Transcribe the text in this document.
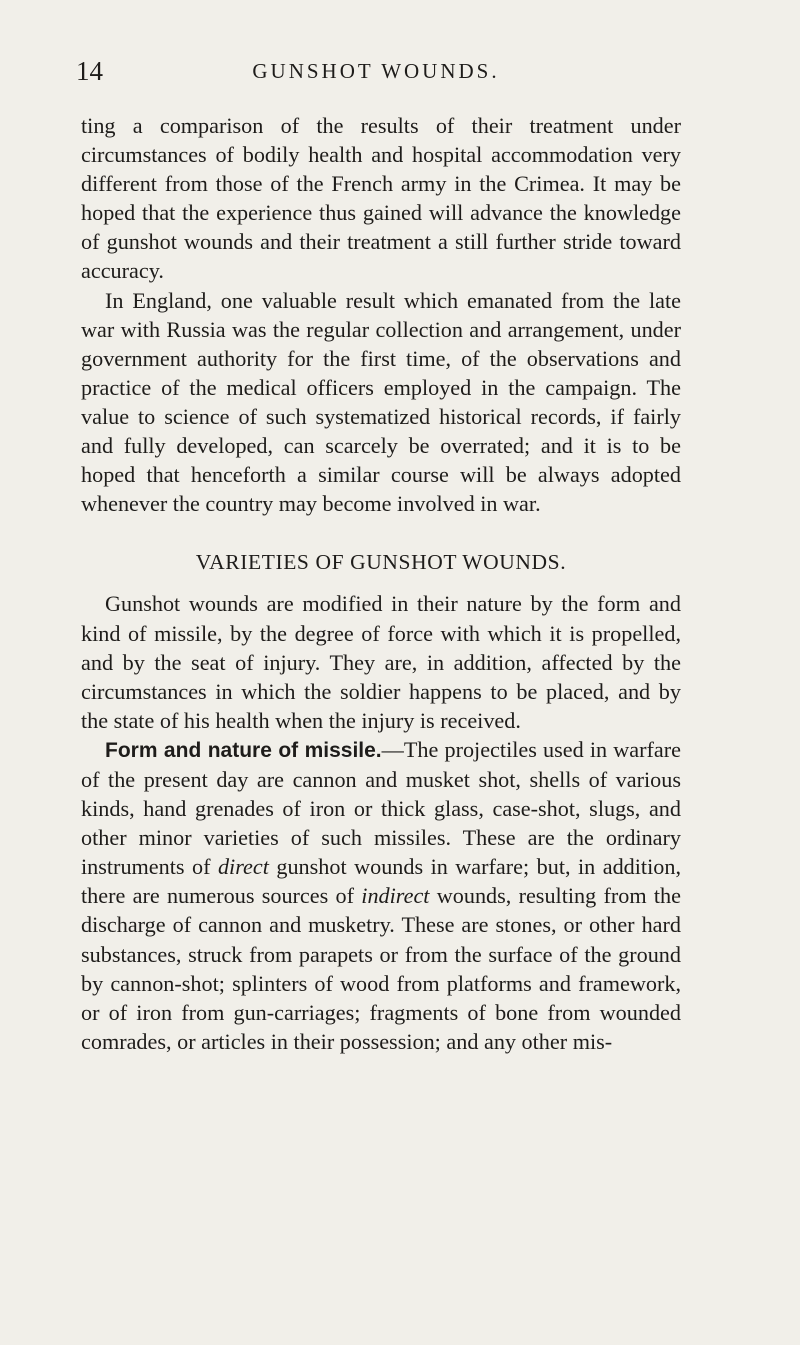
14	GUNSHOT WOUNDS.

ting a comparison of the results of their treatment under circumstances of bodily health and hospital accommodation very different from those of the French army in the Crimea. It may be hoped that the experience thus gained will advance the knowledge of gunshot wounds and their treatment a still further stride toward accuracy.

In England, one valuable result which emanated from the late war with Russia was the regular collection and arrangement, under government authority for the first time, of the observations and practice of the medical officers employed in the campaign. The value to science of such systematized historical records, if fairly and fully developed, can scarcely be overrated; and it is to be hoped that henceforth a similar course will be always adopted whenever the country may become involved in war.

VARIETIES OF GUNSHOT WOUNDS.

Gunshot wounds are modified in their nature by the form and kind of missile, by the degree of force with which it is propelled, and by the seat of injury. They are, in addition, affected by the circumstances in which the soldier happens to be placed, and by the state of his health when the injury is received.

Form and nature of missile.—The projectiles used in warfare of the present day are cannon and musket shot, shells of various kinds, hand grenades of iron or thick glass, case-shot, slugs, and other minor varieties of such missiles. These are the ordinary instruments of direct gunshot wounds in warfare; but, in addition, there are numerous sources of indirect wounds, resulting from the discharge of cannon and musketry. These are stones, or other hard substances, struck from parapets or from the surface of the ground by cannon-shot; splinters of wood from platforms and framework, or of iron from gun-carriages; fragments of bone from wounded comrades, or articles in their possession; and any other mis-
